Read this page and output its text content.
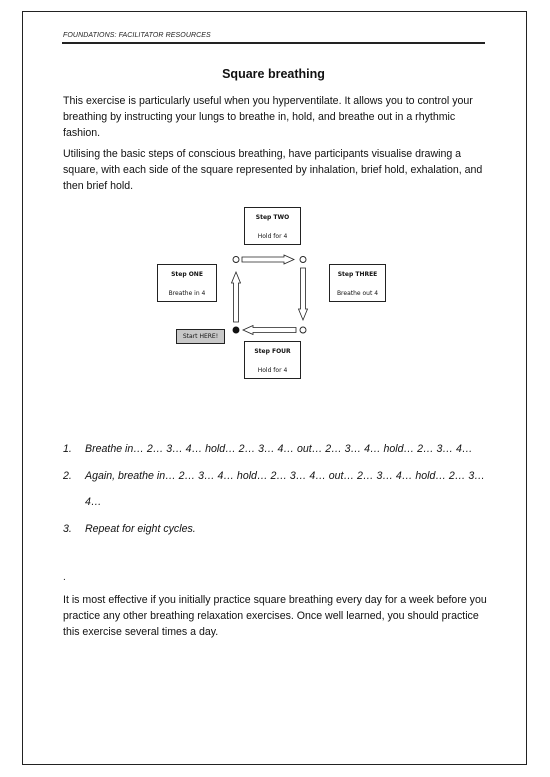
FOUNDATIONS: FACILITATOR RESOURCES
Square breathing
This exercise is particularly useful when you hyperventilate. It allows you to control your breathing by instructing your lungs to breathe in, hold, and breathe out in a rhythmic fashion.
Utilising the basic steps of conscious breathing, have participants visualise drawing a square, with each side of the square represented by inhalation, brief hold, exhalation, and then brief hold.
Step TWO
Hold for 4
Step ONE
Breathe in 4
Step THREE
Breathe out 4
Step FOUR
Hold for 4
Start HERE!
1. Breathe in… 2… 3… 4… hold… 2… 3… 4… out… 2… 3… 4… hold… 2… 3… 4…
2. Again, breathe in… 2… 3… 4… hold… 2… 3… 4… out… 2… 3… 4… hold… 2… 3… 4…
3. Repeat for eight cycles.
.
It is most effective if you initially practice square breathing every day for a week before you practice any other breathing relaxation exercises. Once well learned, you should practice this exercise several times a day.
